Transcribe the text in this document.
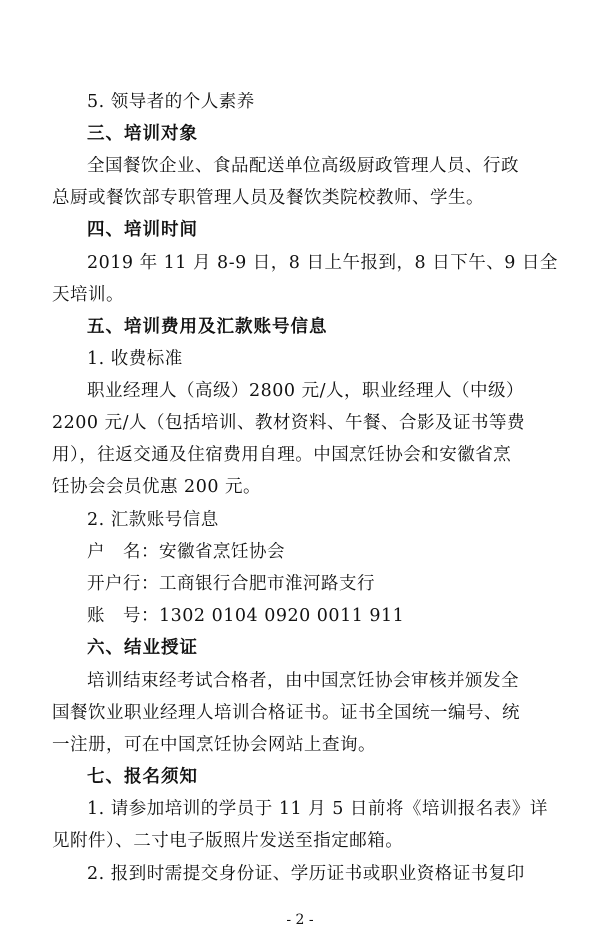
5. 领导者的个人素养
三、培训对象
全国餐饮企业、食品配送单位高级厨政管理人员、行政
总厨或餐饮部专职管理人员及餐饮类院校教师、学生。
四、培训时间
2019 年 11 月 8-9 日，8 日上午报到，8 日下午、9 日全
天培训。
五、培训费用及汇款账号信息
1. 收费标准
职业经理人（高级）2800 元/人，职业经理人（中级）
2200 元/人（包括培训、教材资料、午餐、合影及证书等费
用），往返交通及住宿费用自理。中国烹饪协会和安徽省烹
饪协会会员优惠 200 元。
2. 汇款账号信息
户　名：安徽省烹饪协会
开户行：工商银行合肥市淮河路支行
账　号：1302 0104 0920 0011 911
六、结业授证
培训结束经考试合格者，由中国烹饪协会审核并颁发全
国餐饮业职业经理人培训合格证书。证书全国统一编号、统
一注册，可在中国烹饪协会网站上查询。
七、报名须知
1. 请参加培训的学员于 11 月 5 日前将《培训报名表》详
见附件）、二寸电子版照片发送至指定邮箱。
2. 报到时需提交身份证、学历证书或职业资格证书复印
- 2 -
